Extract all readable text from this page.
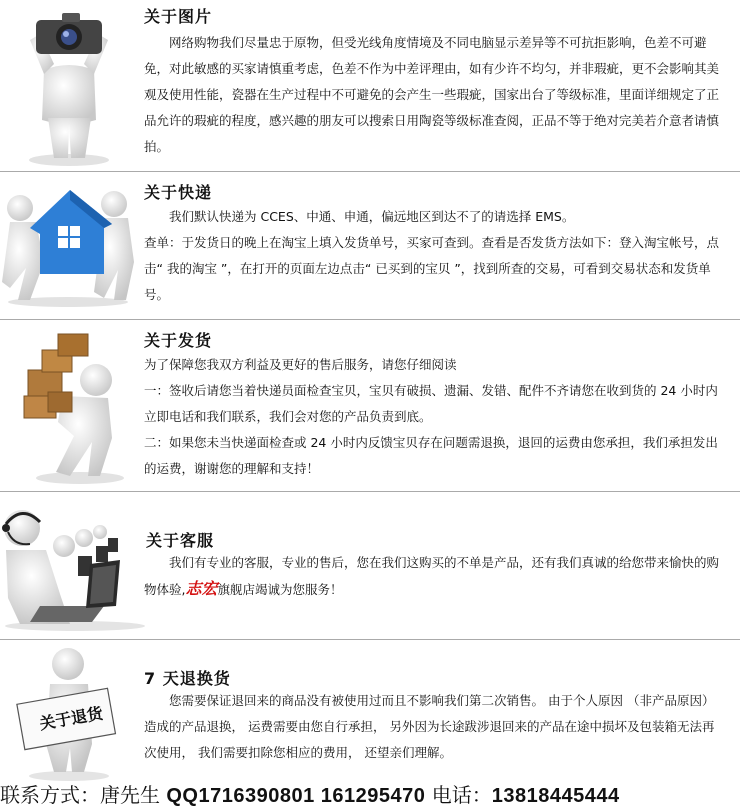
关于图片

网络购物我们尽量忠于原物，但受光线角度情境及不同电脑显示差异等不可抗拒影响，色差不可避免，对此敏感的买家请慎重考虑，色差不作为中差评理由，如有少许不均匀，并非瑕疵，更不会影响其美观及使用性能，瓷器在生产过程中不可避免的会产生一些瑕疵，国家出台了等级标准，里面详细规定了正品允许的瑕疵的程度，感兴趣的朋友可以搜索日用陶瓷等级标准查阅，正品不等于绝对完美若介意者请慎拍。

关于快递

我们默认快递为 CCES、中通、申通，偏远地区到达不了的请选择 EMS。

查单：于发货日的晚上在淘宝上填入发货单号，买家可查到。查看是否发货方法如下：登入淘宝帐号，点击“ 我的淘宝 ”，在打开的页面左边点击“ 已买到的宝贝 ”，找到所查的交易，可看到交易状态和发货单号。

关于发货

为了保障您我双方利益及更好的售后服务，请您仔细阅读

一：签收后请您当着快递员面检查宝贝，宝贝有破损、遗漏、发错、配件不齐请您在收到货的 24 小时内立即电话和我们联系，我们会对您的产品负责到底。

二：如果您未当快递面检查或 24 小时内反馈宝贝存在问题需退换，退回的运费由您承担，我们承担发出的运费，谢谢您的理解和支持！

关于客服

我们有专业的客服，专业的售后，您在我们这购买的不单是产品，还有我们真诚的给您带来愉快的购物体验,志宏旗舰店竭诚为您服务！

关于退货
7 天退换货

您需要保证退回来的商品没有被使用过而且不影响我们第二次销售。 由于个人原因 （非产品原因） 造成的产品退换， 运费需要由您自行承担， 另外因为长途跋涉退回来的产品在途中损坏及包装箱无法再次使用， 我们需要扣除您相应的费用， 还望亲们理解。

联系方式：唐先生 QQ1716390801 161295470 电话：13818445444
